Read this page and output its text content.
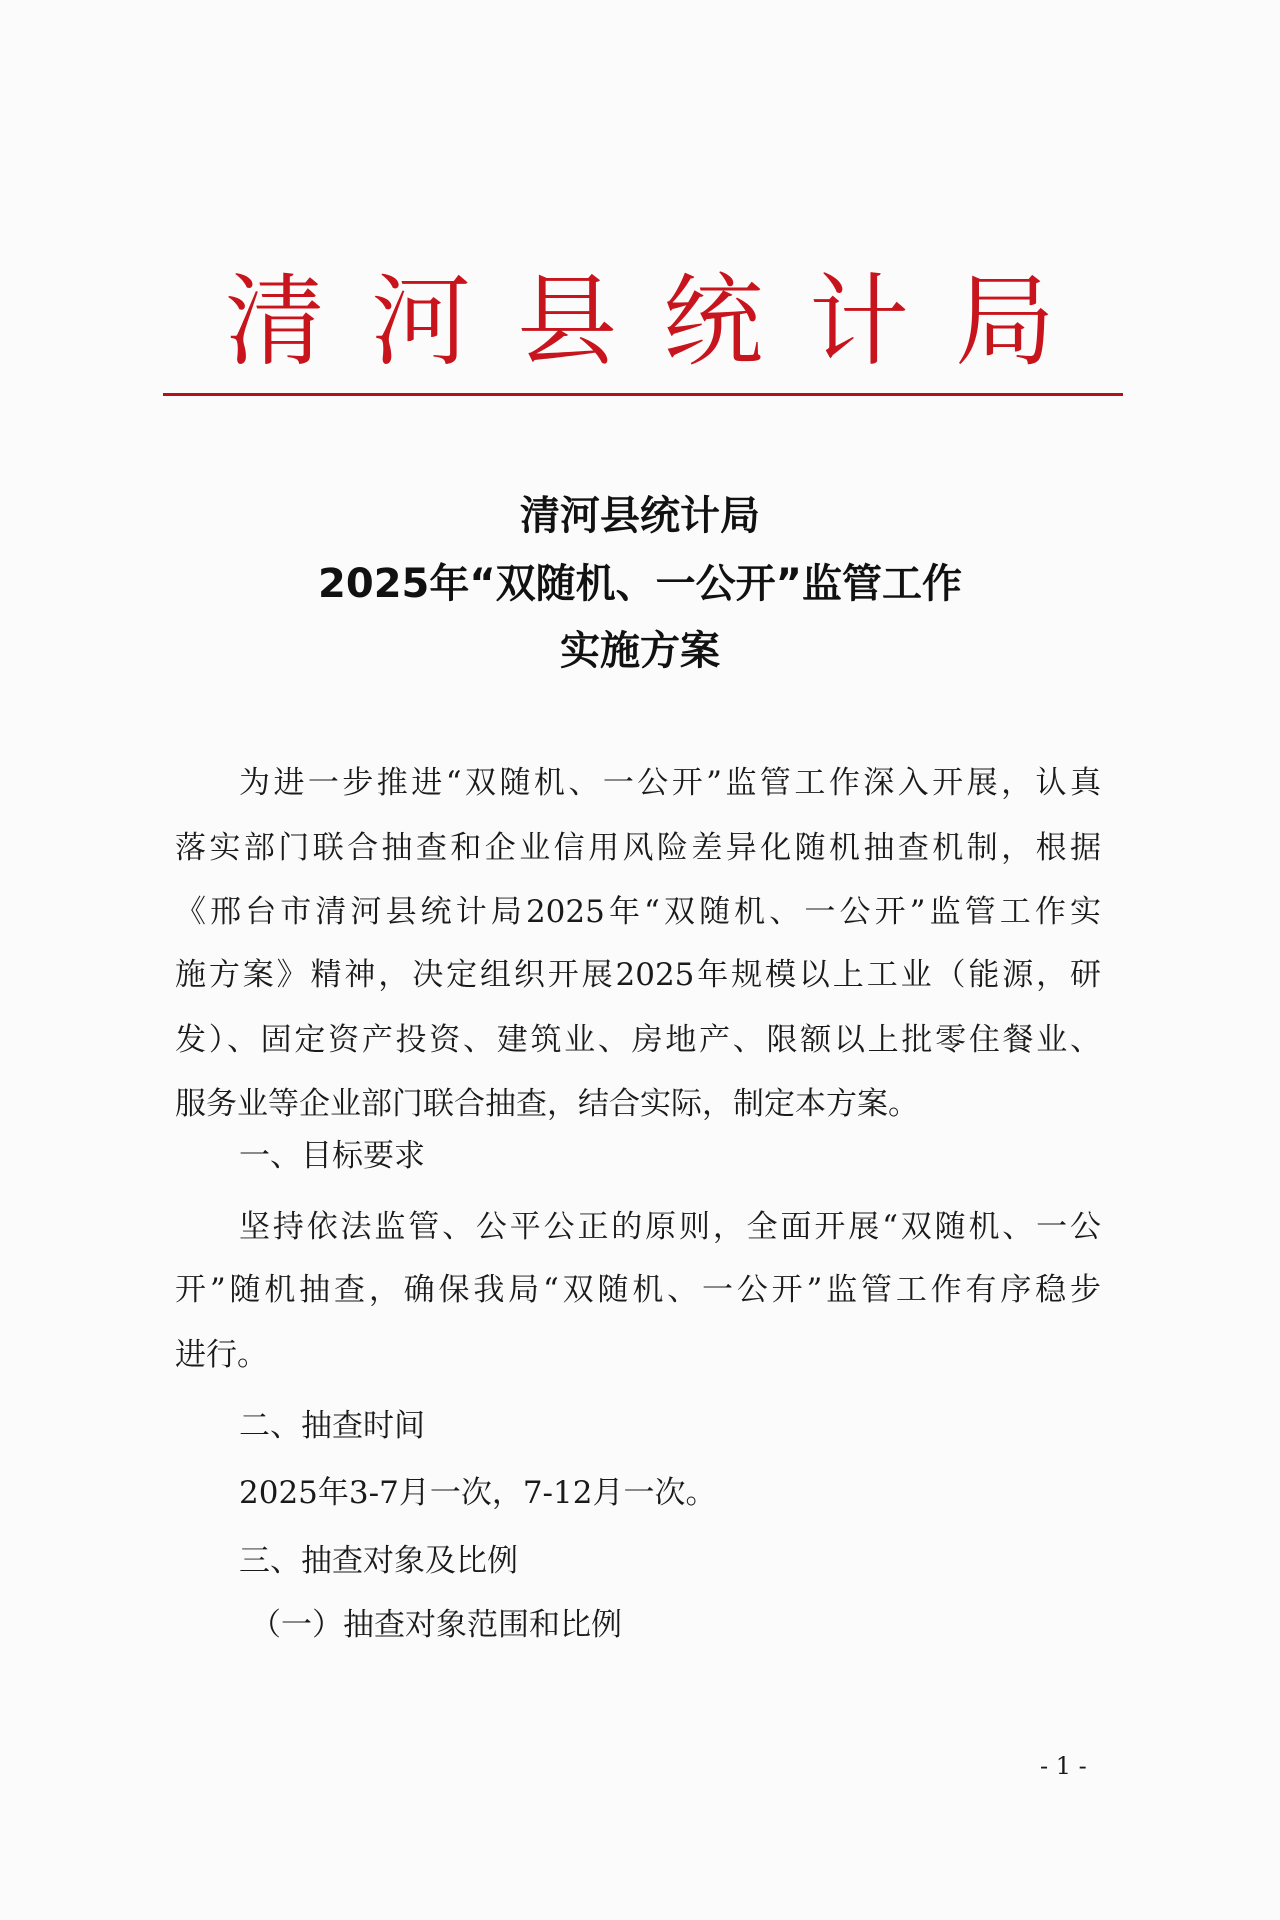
清 河 县 统 计 局
清河县统计局
2025年“双随机、一公开”监管工作
实施方案
为进一步推进“双随机、一公开”监管工作深入开展，认真
落实部门联合抽查和企业信用风险差异化随机抽查机制，根据
《邢台市清河县统计局2025年“双随机、一公开”监管工作实
施方案》精神，决定组织开展2025年规模以上工业（能源，研
发）、固定资产投资、建筑业、房地产、限额以上批零住餐业、
服务业等企业部门联合抽查，结合实际，制定本方案。
一、目标要求
坚持依法监管、公平公正的原则，全面开展“双随机、一公
开”随机抽查，确保我局“双随机、一公开”监管工作有序稳步
进行。
二、抽查时间
2025年3-7月一次，7-12月一次。
三、抽查对象及比例
（一）抽查对象范围和比例
- 1 -
